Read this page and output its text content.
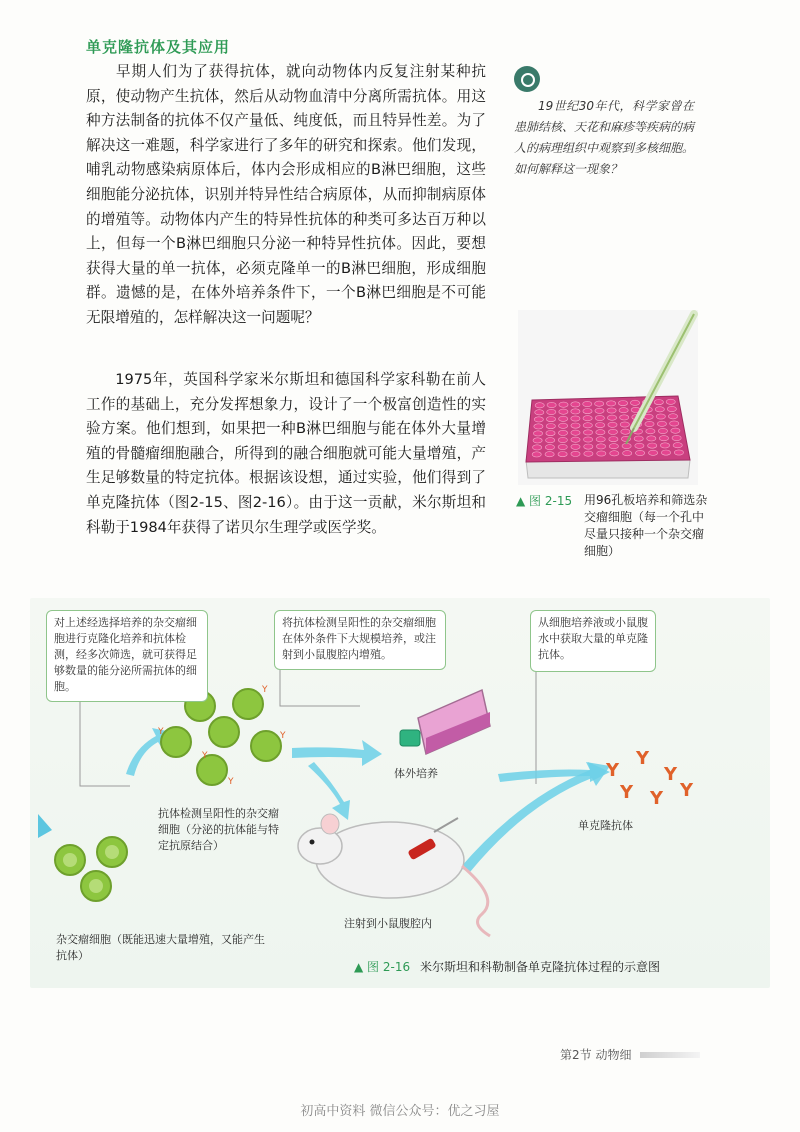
单克隆抗体及其应用
早期人们为了获得抗体，就向动物体内反复注射某种抗原，使动物产生抗体，然后从动物血清中分离所需抗体。用这种方法制备的抗体不仅产量低、纯度低，而且特异性差。为了解决这一难题，科学家进行了多年的研究和探索。他们发现，哺乳动物感染病原体后，体内会形成相应的B淋巴细胞，这些细胞能分泌抗体，识别并特异性结合病原体，从而抑制病原体的增殖等。动物体内产生的特异性抗体的种类可多达百万种以上，但每一个B淋巴细胞只分泌一种特异性抗体。因此，要想获得大量的单一抗体，必须克隆单一的B淋巴细胞，形成细胞群。遗憾的是，在体外培养条件下，一个B淋巴细胞是不可能无限增殖的，怎样解决这一问题呢？
1975年，英国科学家米尔斯坦和德国科学家科勒在前人工作的基础上，充分发挥想象力，设计了一个极富创造性的实验方案。他们想到，如果把一种B淋巴细胞与能在体外大量增殖的骨髓瘤细胞融合，所得到的融合细胞就可能大量增殖，产生足够数量的特定抗体。根据该设想，通过实验，他们得到了单克隆抗体（图2-15、图2-16）。由于这一贡献，米尔斯坦和科勒于1984年获得了诺贝尔生理学或医学奖。
19世纪30年代，科学家曾在患肺结核、天花和麻疹等疾病的病人的病理组织中观察到多核细胞。如何解释这一现象？
▲ 图 2-15 用96孔板培养和筛选杂交瘤细胞（每一个孔中尽量只接种一个杂交瘤细胞）
Y
Y	Y
Y
Y
Y
Y
Y
Y Y Y
对上述经选择培养的杂交瘤细胞进行克隆化培养和抗体检测，经多次筛选，就可获得足够数量的能分泌所需抗体的细胞。
将抗体检测呈阳性的杂交瘤细胞在体外条件下大规模培养，或注射到小鼠腹腔内增殖。
从细胞培养液或小鼠腹水中获取大量的单克隆抗体。
抗体检测呈阳性的杂交瘤细胞（分泌的抗体能与特定抗原结合）
体外培养
单克隆抗体
杂交瘤细胞（既能迅速大量增殖，又能产生抗体）
注射到小鼠腹腔内
▲ 图 2-16 米尔斯坦和科勒制备单克隆抗体过程的示意图
第2节 动物细
初高中资料 微信公众号：优之习屋
